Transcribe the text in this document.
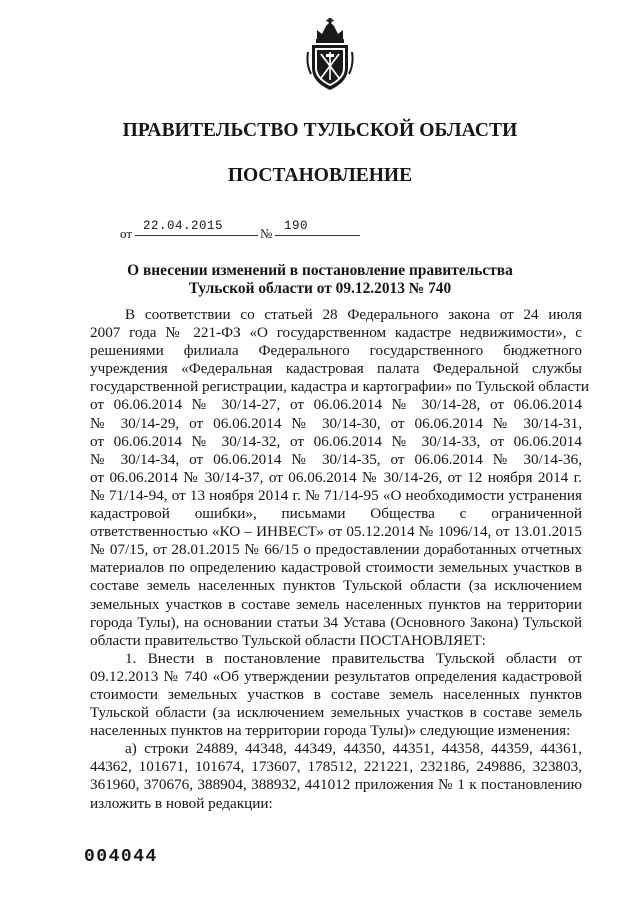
ПРАВИТЕЛЬСТВО ТУЛЬСКОЙ ОБЛАСТИ
ПОСТАНОВЛЕНИЕ
от 22.04.2015	№ 190
О внесении изменений в постановление правительства
Тульской области от 09.12.2013 № 740
В соответствии со статьей 28 Федерального закона от 24 июля
2007 года № 221-ФЗ «О государственном кадастре недвижимости», с
решениями филиала Федерального государственного бюджетного
учреждения «Федеральная кадастровая палата Федеральной службы
государственной регистрации, кадастра и картографии» по Тульской области
от 06.06.2014 № 30/14-27, от 06.06.2014 № 30/14-28, от 06.06.2014
№ 30/14-29, от 06.06.2014 № 30/14-30, от 06.06.2014 № 30/14-31,
от 06.06.2014 № 30/14-32, от 06.06.2014 № 30/14-33, от 06.06.2014
№ 30/14-34, от 06.06.2014 № 30/14-35, от 06.06.2014 № 30/14-36,
от 06.06.2014 № 30/14-37, от 06.06.2014 № 30/14-26, от 12 ноября 2014 г.
№ 71/14-94, от 13 ноября 2014 г. № 71/14-95 «О необходимости устранения
кадастровой ошибки», письмами Общества с ограниченной
ответственностью «КО – ИНВЕСТ» от 05.12.2014 № 1096/14, от 13.01.2015
№ 07/15, от 28.01.2015 № 66/15 о предоставлении доработанных отчетных
материалов по определению кадастровой стоимости земельных участков в
составе земель населенных пунктов Тульской области (за исключением
земельных участков в составе земель населенных пунктов на территории
города Тулы), на основании статьи 34 Устава (Основного Закона) Тульской
области правительство Тульской области ПОСТАНОВЛЯЕТ:
1. Внести в постановление правительства Тульской области от
09.12.2013 № 740 «Об утверждении результатов определения кадастровой
стоимости земельных участков в составе земель населенных пунктов
Тульской области (за исключением земельных участков в составе земель
населенных пунктов на территории города Тулы)» следующие изменения:
а) строки 24889, 44348, 44349, 44350, 44351, 44358, 44359, 44361,
44362, 101671, 101674, 173607, 178512, 221221, 232186, 249886, 323803,
361960, 370676, 388904, 388932, 441012 приложения № 1 к постановлению
изложить в новой редакции:
004044
